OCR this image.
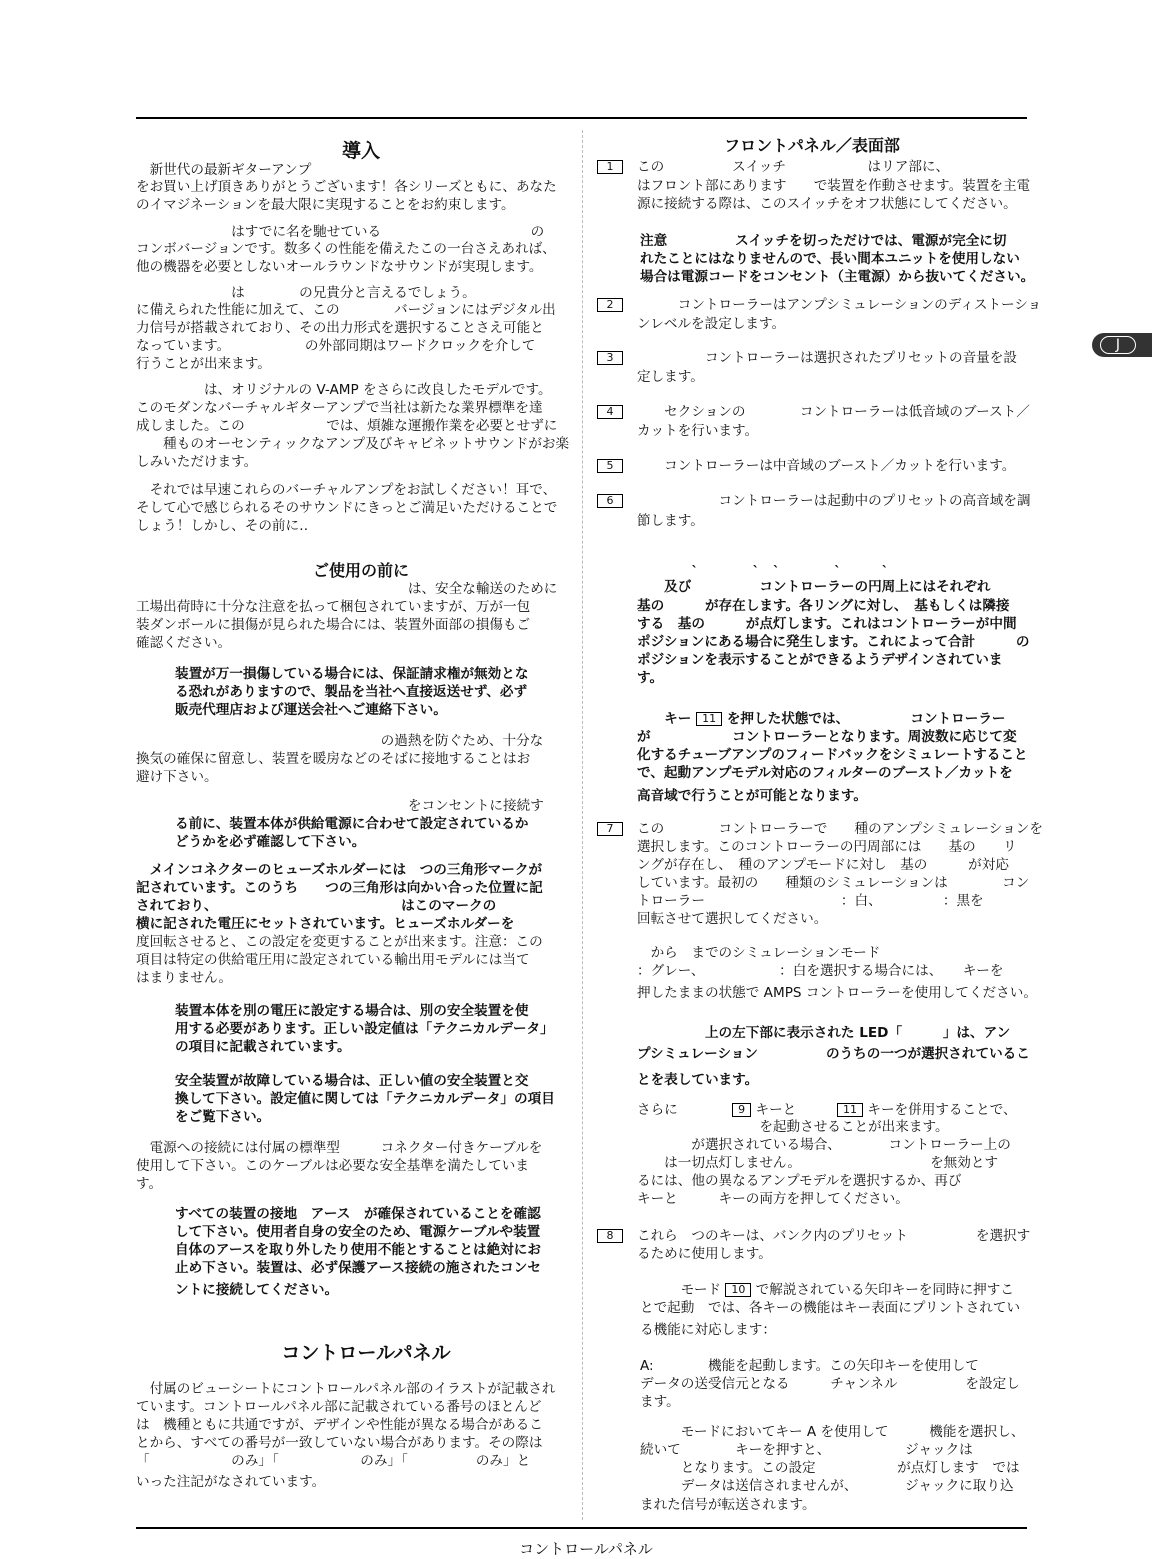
導入
ご使用の前に
コントロールパネル
フロントパネル／表面部
　新世代の最新ギターアンプ
をお買い上げ頂きありがとうございます！各シリーズともに、あなた
のイマジネーションを最大限に実現することをお約束します。
　　　　　　　はすでに名を馳せている　　　　　　　　　　　の
コンボバージョンです。数多くの性能を備えたこの一台さえあれば、
他の機器を必要としないオールラウンドなサウンドが実現します。
　　　　　　　は　　　　の兄貴分と言えるでしょう。
に備えられた性能に加えて、この　　　　バージョンにはデジタル出
力信号が搭載されており、その出力形式を選択することさえ可能と
なっています。　　　　　　の外部同期はワードクロックを介して
行うことが出来ます。
　　　　　は、オリジナルの V-AMP をさらに改良したモデルです。
このモダンなバーチャルギターアンプで当社は新たな業界標準を達
成しました。この　　　　　　では、煩雑な運搬作業を必要とせずに
　　種ものオーセンティックなアンプ及びキャビネットサウンドがお楽
しみいただけます。
　それでは早速これらのバーチャルアンプをお試しください！耳で、
そして心で感じられるそのサウンドにきっとご満足いただけることで
しょう！しかし、その前に‥
　　　　　　　　　　　　　　　　　　　　は、安全な輸送のために
工場出荷時に十分な注意を払って梱包されていますが、万が一包
装ダンボールに損傷が見られた場合には、装置外面部の損傷もご
確認ください。
装置が万一損傷している場合には、保証請求権が無効とな
る恐れがありますので、製品を当社へ直接返送せず、必ず
販売代理店および運送会社へご連絡下さい。
　　　　　　　　　　　　　　　　　　の過熱を防ぐため、十分な
換気の確保に留意し、装置を暖房などのそばに接地することはお
避け下さい。
　　　　　　　　　　　　　　　　　　　　をコンセントに接続す
る前に、装置本体が供給電源に合わせて設定されているか
どうかを必ず確認して下さい。
　メインコネクターのヒューズホルダーには　つの三角形マークが
記されています。このうち　　つの三角形は向かい合った位置に記
されており、　　　　　　　　　　　　　　はこのマークの
横に記された電圧にセットされています。ヒューズホルダーを
度回転させると、この設定を変更することが出来ます。注意：この
項目は特定の供給電圧用に設定されている輸出用モデルには当て
はまりません。
装置本体を別の電圧に設定する場合は、別の安全装置を使
用する必要があります。正しい設定値は「テクニカルデータ」
の項目に記載されています。
安全装置が故障している場合は、正しい値の安全装置と交
換して下さい。設定値に関しては「テクニカルデータ」の項目
をご覧下さい。
　電源への接続には付属の標準型　　　コネクター付きケーブルを
使用して下さい。このケーブルは必要な安全基準を満たしていま
す。
すべての装置の接地　アース　が確保されていることを確認
して下さい。使用者自身の安全のため、電源ケーブルや装置
自体のアースを取り外したり使用不能とすることは絶対にお
止め下さい。装置は、必ず保護アース接続の施されたコンセ
ントに接続してください。
　付属のビューシートにコントロールパネル部のイラストが記載され
ています。コントロールパネル部に記載されている番号のほとんど
は　機種ともに共通ですが、デザインや性能が異なる場合があるこ
とから、すべての番号が一致していない場合があります。その際は
「　　　　　　のみ」「　　　　　　のみ」「　　　　　のみ」と
いった注記がなされています。
1	この　　　　　スイッチ　　　　　　はリア部に、
はフロント部にあります　　で装置を作動させます。装置を主電
源に接続する際は、このスイッチをオフ状態にしてください。
注意　　　　　スイッチを切っただけでは、電源が完全に切
れたことにはなりませんので、長い間本ユニットを使用しない
場合は電源コードをコンセント（主電源）から抜いてください。
2	　　　コントローラーはアンプシミュレーションのディストーショ
ンレベルを設定します。
3	　　　　　コントローラーは選択されたプリセットの音量を設
定します。
4	　　セクションの　　　　コントローラーは低音域のブースト／
カットを行います。
5	　　コントローラーは中音域のブースト／カットを行います。
6	　　　　　　コントローラーは起動中のプリセットの高音域を調
節します。
　　　　ˋ　　　　ˋ　ˋ　　　　ˋ　　　ˋ
　　及び　　　　　コントローラーの円周上にはそれぞれ
基の　　　が存在します。各リングに対し、　基もしくは隣接
する　基の　　　が点灯します。これはコントローラーが中間
ポジションにある場合に発生します。これによって合計　　　の
ポジションを表示することができるようデザインされていま
す。
　　キー 11 を押した状態では、　　　　　コントローラー
が　　　　　　コントローラーとなります。周波数に応じて変
化するチューブアンプのフィードバックをシミュレートすること
で、起動アンプモデル対応のフィルターのブースト／カットを
高音域で行うことが可能となります。
7	この　　　　コントローラーで　　種のアンプシミュレーションを
選択します。このコントローラーの円周部には　　基の　　リ
ングが存在し、　種のアンプモードに対し　基の　　　が対応
しています。最初の　　種類のシミュレーションは　　　　コン
トローラー　　　　　　　　　　：白、　　　　　：黒を
回転させて選択してください。
　から　までのシミュレーションモード
：グレー、　　　　　　：白を選択する場合には、　　キーを
押したままの状態で AMPS コントローラーを使用してください。
　　　　　上の左下部に表示された LED「　　　」は、アン
プシミュレーション　　　　　のうちの一つが選択されているこ
とを表しています。
さらに　　　　9 キーと　　　11 キーを併用することで、
　　　　　　　　　を起動させることが出来ます。
　　　　が選択されている場合、　　　　コントローラー上の
　　は一切点灯しません。　　　　　　　　　　を無効とす
るには、他の異なるアンプモデルを選択するか、再び
キーと　　　キーの両方を押してください。
8	これら　つのキーは、バンク内のプリセット　　　　　を選択す
るために使用します。
　　　モード 10 で解説されている矢印キーを同時に押すこ
とで起動　では、各キーの機能はキー表面にプリントされてい
る機能に対応します：
A:　　　　機能を起動します。この矢印キーを使用して
データの送受信元となる　　　チャンネル　　　　　を設定し
ます。
　　　モードにおいてキー A を使用して　　　機能を選択し、
続いて　　　　キーを押すと、　　　　　　ジャックは
　　　となります。この設定　　　　　　が点灯します　では
　　　データは送信されませんが、　　　　ジャックに取り込
まれた信号が転送されます。
J
コントロールパネル
